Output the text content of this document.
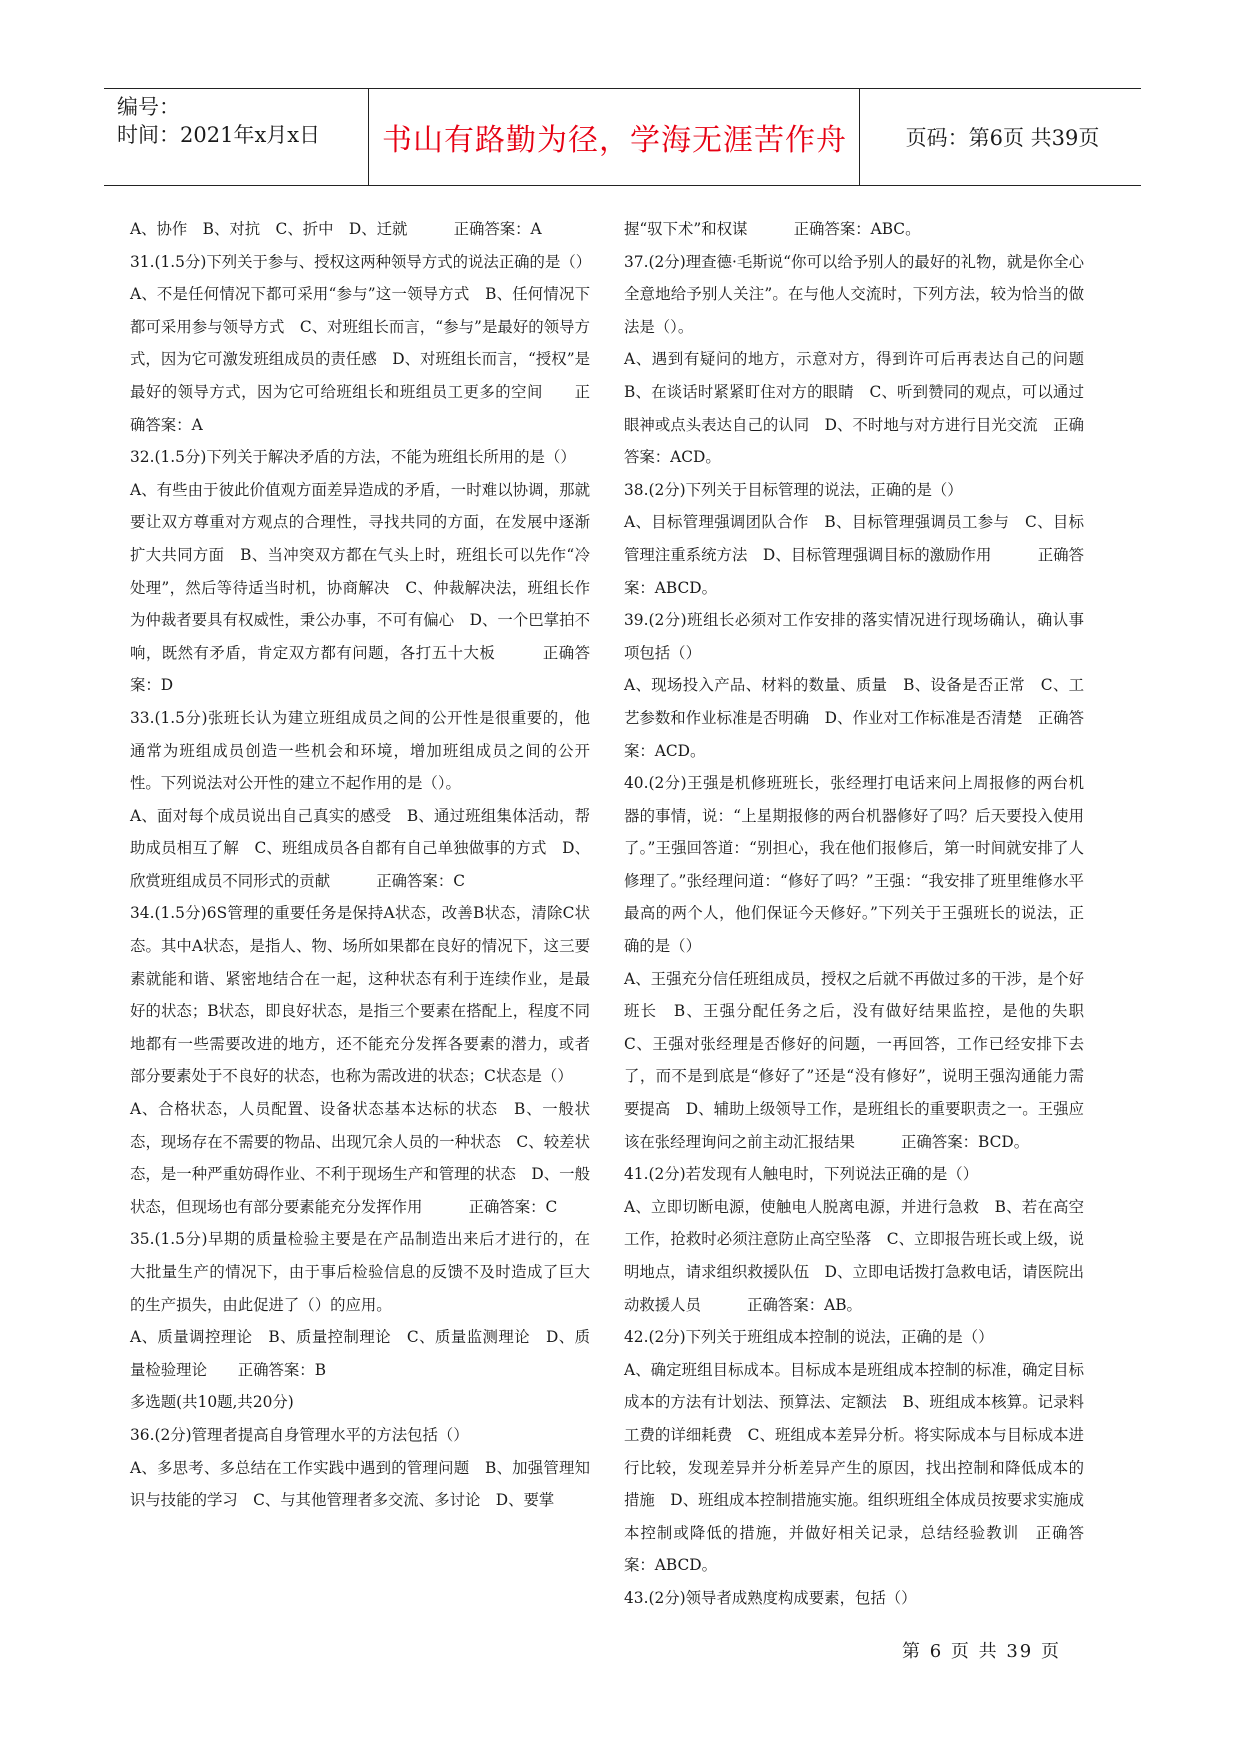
编号：
时间：2021年x月x日	书山有路勤为径，学海无涯苦作舟	页码：第6页 共39页

A、协作　B、对抗　C、折中　D、迁就　　　正确答案：A

31.(1.5分)下列关于参与、授权这两种领导方式的说法正确的是（）

A、不是任何情况下都可采用“参与”这一领导方式　B、任何情况下都可采用参与领导方式　C、对班组长而言，“参与”是最好的领导方式，因为它可激发班组成员的责任感　D、对班组长而言，“授权”是最好的领导方式，因为它可给班组长和班组员工更多的空间　　正确答案：A

32.(1.5分)下列关于解决矛盾的方法，不能为班组长所用的是（）

A、有些由于彼此价值观方面差异造成的矛盾，一时难以协调，那就要让双方尊重对方观点的合理性，寻找共同的方面，在发展中逐渐扩大共同方面　B、当冲突双方都在气头上时，班组长可以先作“冷处理”，然后等待适当时机，协商解决　C、仲裁解决法，班组长作为仲裁者要具有权威性，秉公办事，不可有偏心　D、一个巴掌拍不响，既然有矛盾，肯定双方都有问题，各打五十大板　　　正确答案：D

33.(1.5分)张班长认为建立班组成员之间的公开性是很重要的，他通常为班组成员创造一些机会和环境，增加班组成员之间的公开性。下列说法对公开性的建立不起作用的是（）。

A、面对每个成员说出自己真实的感受　B、通过班组集体活动，帮助成员相互了解　C、班组成员各自都有自己单独做事的方式　D、欣赏班组成员不同形式的贡献　　　正确答案：C

34.(1.5分)6S管理的重要任务是保持A状态，改善B状态，清除C状态。其中A状态，是指人、物、场所如果都在良好的情况下，这三要素就能和谐、紧密地结合在一起，这种状态有利于连续作业，是最好的状态；B状态，即良好状态，是指三个要素在搭配上，程度不同地都有一些需要改进的地方，还不能充分发挥各要素的潜力，或者部分要素处于不良好的状态，也称为需改进的状态；C状态是（）

A、合格状态，人员配置、设备状态基本达标的状态　B、一般状态，现场存在不需要的物品、出现冗余人员的一种状态　C、较差状态，是一种严重妨碍作业、不利于现场生产和管理的状态　D、一般状态，但现场也有部分要素能充分发挥作用　　　正确答案：C

35.(1.5分)早期的质量检验主要是在产品制造出来后才进行的，在大批量生产的情况下，由于事后检验信息的反馈不及时造成了巨大的生产损失，由此促进了（）的应用。

A、质量调控理论　B、质量控制理论　C、质量监测理论　D、质量检验理论　　正确答案：B

多选题(共10题,共20分)

36.(2分)管理者提高自身管理水平的方法包括（）

A、多思考、多总结在工作实践中遇到的管理问题　B、加强管理知识与技能的学习　C、与其他管理者多交流、多讨论　D、要掌

握“驭下术”和权谋　　　正确答案：ABC。

37.(2分)理查德·毛斯说“你可以给予别人的最好的礼物，就是你全心全意地给予别人关注”。在与他人交流时，下列方法，较为恰当的做法是（）。

A、遇到有疑问的地方，示意对方，得到许可后再表达自己的问题　B、在谈话时紧紧盯住对方的眼睛　C、听到赞同的观点，可以通过眼神或点头表达自己的认同　D、不时地与对方进行目光交流　正确答案：ACD。

38.(2分)下列关于目标管理的说法，正确的是（）

A、目标管理强调团队合作　B、目标管理强调员工参与　C、目标管理注重系统方法　D、目标管理强调目标的激励作用　　　正确答案：ABCD。

39.(2分)班组长必须对工作安排的落实情况进行现场确认，确认事项包括（）

A、现场投入产品、材料的数量、质量　B、设备是否正常　C、工艺参数和作业标准是否明确　D、作业对工作标准是否清楚　正确答案：ACD。

40.(2分)王强是机修班班长，张经理打电话来问上周报修的两台机器的事情，说：“上星期报修的两台机器修好了吗？后天要投入使用了。”王强回答道：“别担心，我在他们报修后，第一时间就安排了人修理了。”张经理问道：“修好了吗？”王强：“我安排了班里维修水平最高的两个人，他们保证今天修好。”下列关于王强班长的说法，正确的是（）

A、王强充分信任班组成员，授权之后就不再做过多的干涉，是个好班长　B、王强分配任务之后，没有做好结果监控，是他的失职　C、王强对张经理是否修好的问题，一再回答，工作已经安排下去了，而不是到底是“修好了”还是“没有修好”，说明王强沟通能力需要提高　D、辅助上级领导工作，是班组长的重要职责之一。王强应该在张经理询问之前主动汇报结果　　　正确答案：BCD。

41.(2分)若发现有人触电时，下列说法正确的是（）

A、立即切断电源，使触电人脱离电源，并进行急救　B、若在高空工作，抢救时必须注意防止高空坠落　C、立即报告班长或上级，说明地点，请求组织救援队伍　D、立即电话拨打急救电话，请医院出动救援人员　　　正确答案：AB。

42.(2分)下列关于班组成本控制的说法，正确的是（）

A、确定班组目标成本。目标成本是班组成本控制的标准，确定目标成本的方法有计划法、预算法、定额法　B、班组成本核算。记录料工费的详细耗费　C、班组成本差异分析。将实际成本与目标成本进行比较，发现差异并分析差异产生的原因，找出控制和降低成本的措施　D、班组成本控制措施实施。组织班组全体成员按要求实施成本控制或降低的措施，并做好相关记录，总结经验教训　正确答案：ABCD。

43.(2分)领导者成熟度构成要素，包括（）

第 6 页 共 39 页
